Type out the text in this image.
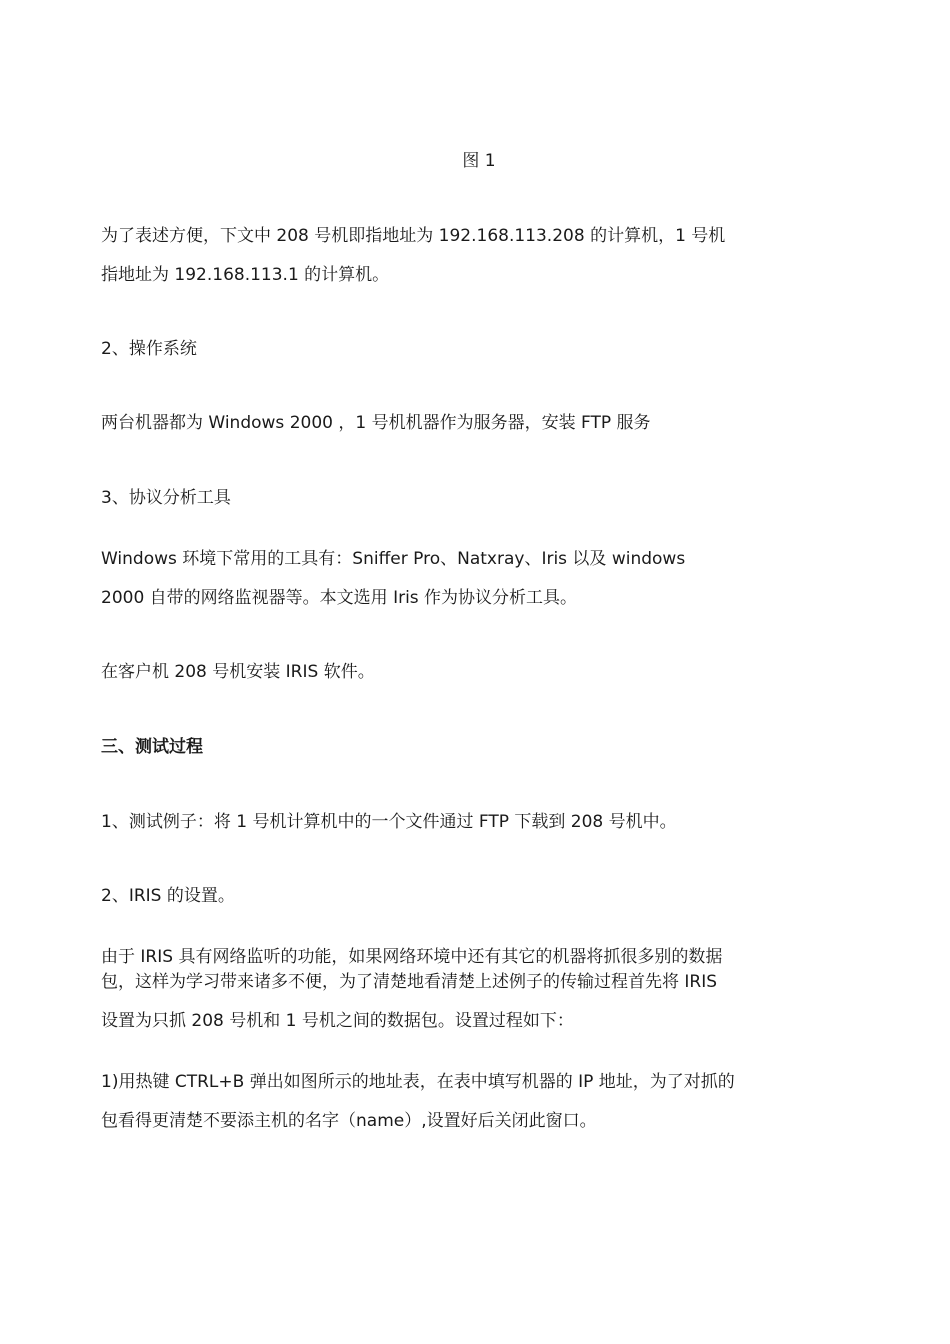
图 1

为了表述方便，下文中 208 号机即指地址为 192.168.113.208 的计算机，1 号机

指地址为 192.168.113.1 的计算机。

2、操作系统

两台机器都为 Windows 2000 ，1 号机机器作为服务器，安装 FTP 服务

3、协议分析工具

Windows 环境下常用的工具有：Sniffer Pro、Natxray、Iris 以及 windows

2000 自带的网络监视器等。本文选用 Iris 作为协议分析工具。

在客户机 208 号机安装 IRIS 软件。

三、测试过程

1、测试例子：将 1 号机计算机中的一个文件通过 FTP 下载到 208 号机中。

2、IRIS 的设置。

由于 IRIS 具有网络监听的功能，如果网络环境中还有其它的机器将抓很多别的数据

包，这样为学习带来诸多不便，为了清楚地看清楚上述例子的传输过程首先将 IRIS

设置为只抓 208 号机和 1 号机之间的数据包。设置过程如下：

1)用热键 CTRL+B 弹出如图所示的地址表，在表中填写机器的 IP 地址，为了对抓的

包看得更清楚不要添主机的名字（name）,设置好后关闭此窗口。
